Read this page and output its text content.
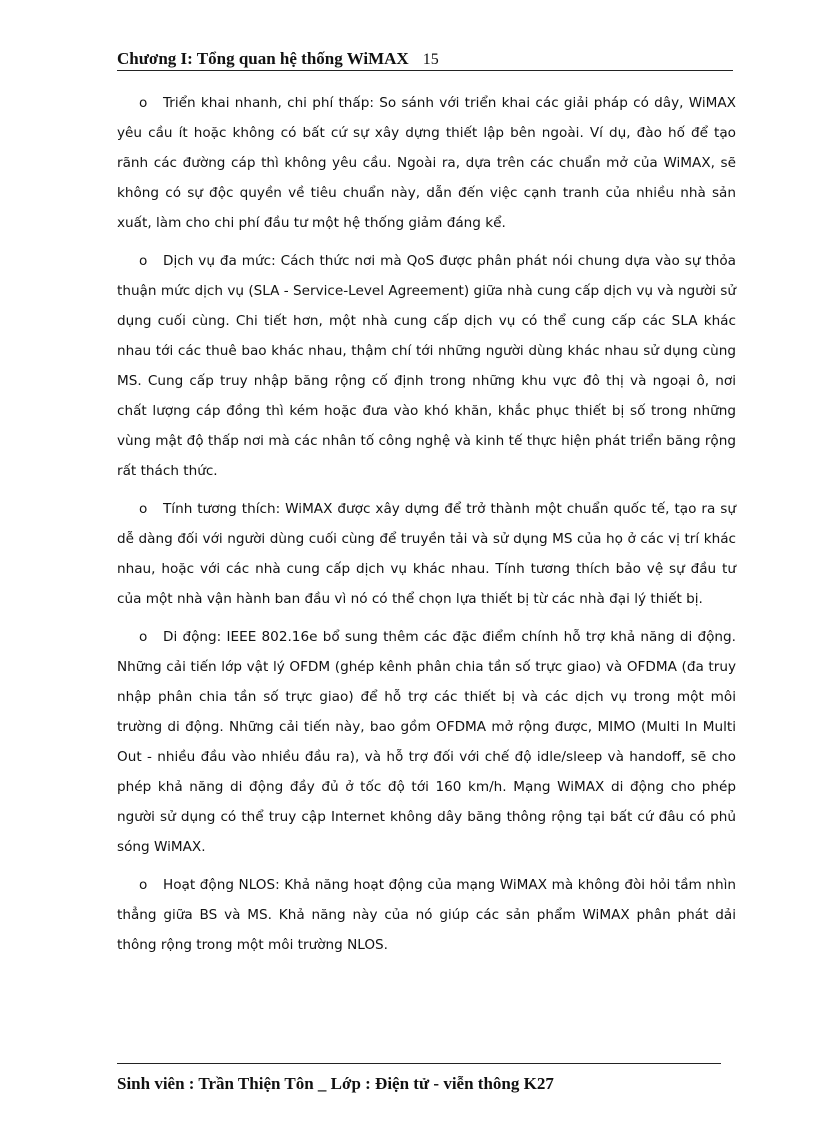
Chương I: Tổng quan hệ thống WiMAX 15

o Triển khai nhanh, chi phí thấp: So sánh với triển khai các giải pháp có dây, WiMAX yêu cầu ít hoặc không có bất cứ sự xây dựng thiết lập bên ngoài. Ví dụ, đào hố để tạo rãnh các đường cáp thì không yêu cầu. Ngoài ra, dựa trên các chuẩn mở của WiMAX, sẽ không có sự độc quyền về tiêu chuẩn này, dẫn đến việc cạnh tranh của nhiều nhà sản xuất, làm cho chi phí đầu tư một hệ thống giảm đáng kể.

o Dịch vụ đa mức: Cách thức nơi mà QoS được phân phát nói chung dựa vào sự thỏa thuận mức dịch vụ (SLA - Service-Level Agreement) giữa nhà cung cấp dịch vụ và người sử dụng cuối cùng. Chi tiết hơn, một nhà cung cấp dịch vụ có thể cung cấp các SLA khác nhau tới các thuê bao khác nhau, thậm chí tới những người dùng khác nhau sử dụng cùng MS. Cung cấp truy nhập băng rộng cố định trong những khu vực đô thị và ngoại ô, nơi chất lượng cáp đồng thì kém hoặc đưa vào khó khăn, khắc phục thiết bị số trong những vùng mật độ thấp nơi mà các nhân tố công nghệ và kinh tế thực hiện phát triển băng rộng rất thách thức.

o Tính tương thích: WiMAX được xây dựng để trở thành một chuẩn quốc tế, tạo ra sự dễ dàng đối với người dùng cuối cùng để truyền tải và sử dụng MS của họ ở các vị trí khác nhau, hoặc với các nhà cung cấp dịch vụ khác nhau. Tính tương thích bảo vệ sự đầu tư của một nhà vận hành ban đầu vì nó có thể chọn lựa thiết bị từ các nhà đại lý thiết bị.

o Di động: IEEE 802.16e bổ sung thêm các đặc điểm chính hỗ trợ khả năng di động. Những cải tiến lớp vật lý OFDM (ghép kênh phân chia tần số trực giao) và OFDMA (đa truy nhập phân chia tần số trực giao) để hỗ trợ các thiết bị và các dịch vụ trong một môi trường di động. Những cải tiến này, bao gồm OFDMA mở rộng được, MIMO (Multi In Multi Out - nhiều đầu vào nhiều đầu ra), và hỗ trợ đối với chế độ idle/sleep và handoff, sẽ cho phép khả năng di động đầy đủ ở tốc độ tới 160 km/h. Mạng WiMAX di động cho phép người sử dụng có thể truy cập Internet không dây băng thông rộng tại bất cứ đâu có phủ sóng WiMAX.

o Hoạt động NLOS: Khả năng hoạt động của mạng WiMAX mà không đòi hỏi tầm nhìn thẳng giữa BS và MS. Khả năng này của nó giúp các sản phẩm WiMAX phân phát dải thông rộng trong một môi trường NLOS.

Sinh viên : Trần Thiện Tôn _ Lớp : Điện tử - viễn thông K27
